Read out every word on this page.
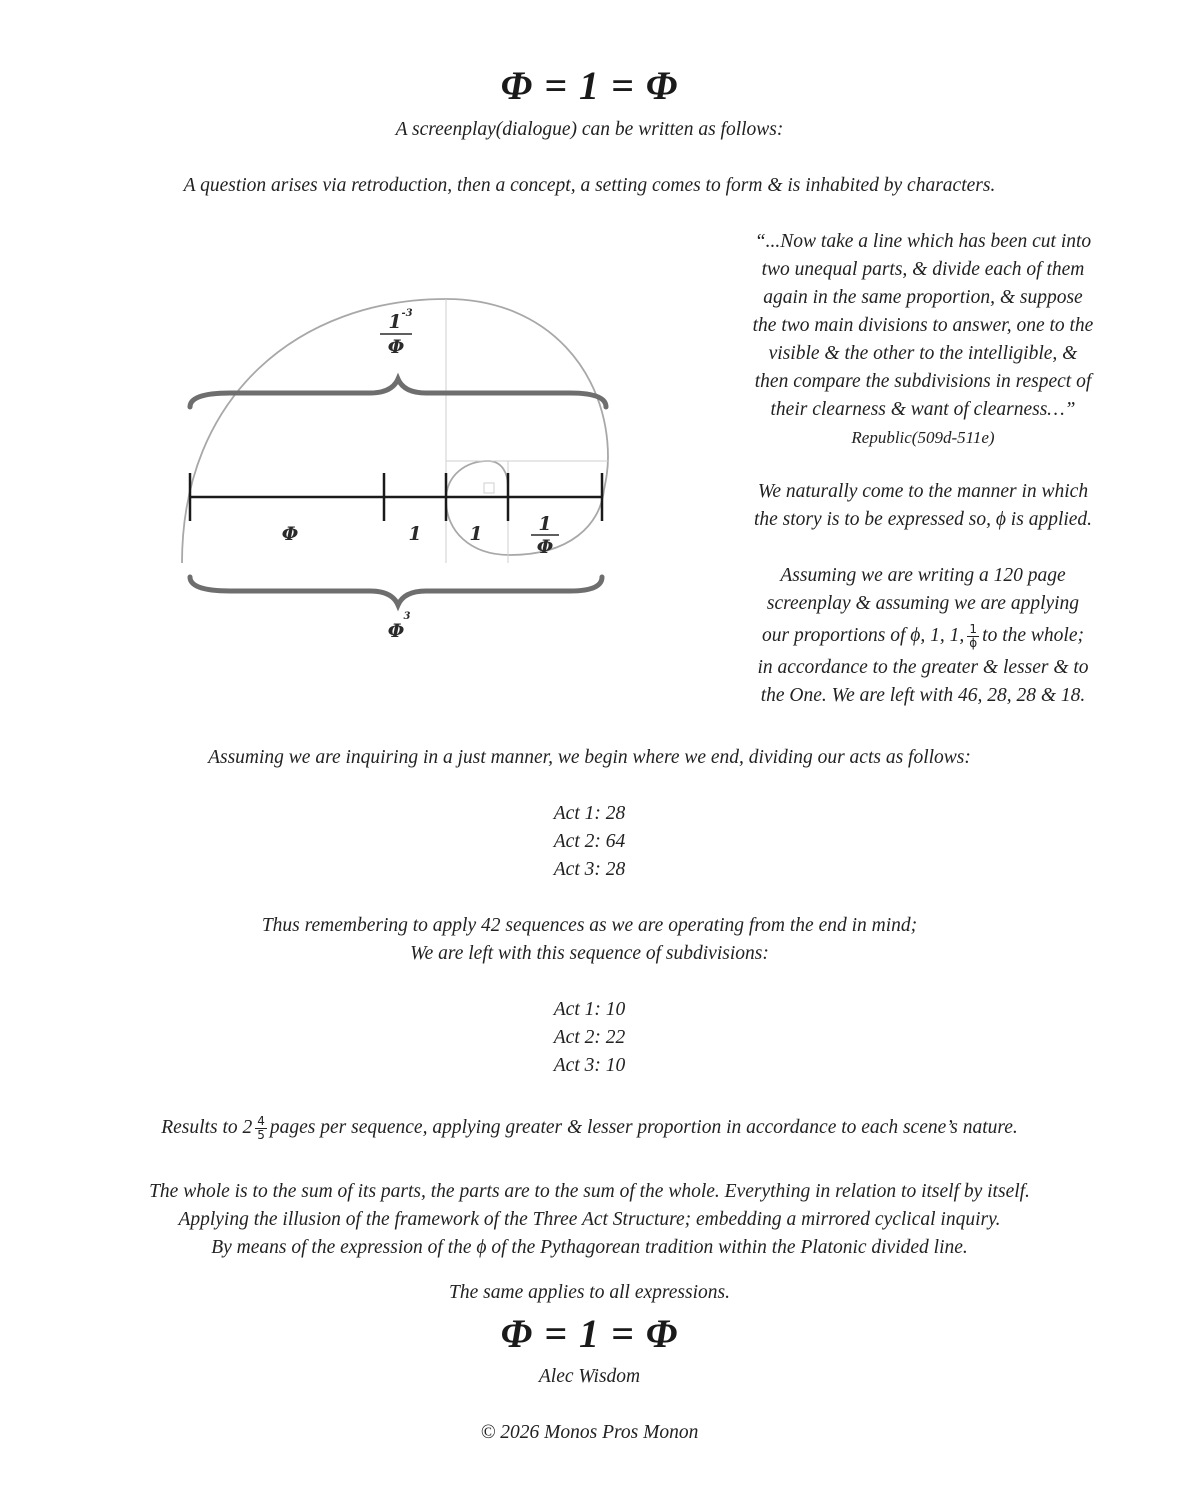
Φ = 1 = Φ
A screenplay(dialogue) can be written as follows:
A question arises via retroduction, then a concept, a setting comes to form & is inhabited by characters.
Φ	1	1	1
Φ
1 -3
Φ
Φ
3
“...Now take a line which has been cut into
two unequal parts, & divide each of them
again in the same proportion, & suppose
the two main divisions to answer, one to the
visible & the other to the intelligible, &
then compare the subdivisions in respect of
their clearness & want of clearness…”
Republic(509d-511e)
We naturally come to the manner in which
the story is to be expressed so, ϕ is applied.
Assuming we are writing a 120 page
screenplay & assuming we are applying
our proportions of ϕ, 1, 1, $\frac{1}{\phi}$ to the whole;
in accordance to the greater & lesser & to
the One. We are left with 46, 28, 28 & 18.
Assuming we are inquiring in a just manner, we begin where we end, dividing our acts as follows:
Act 1: 28
Act 2: 64
Act 3: 28
Thus remembering to apply 42 sequences as we are operating from the end in mind;
We are left with this sequence of subdivisions:
Act 1: 10
Act 2: 22
Act 3: 10
Results to $2 \frac{4}{5}$ pages per sequence, applying greater & lesser proportion in accordance to each scene’s nature.
The whole is to the sum of its parts, the parts are to the sum of the whole. Everything in relation to itself by itself.
Applying the illusion of the framework of the Three Act Structure; embedding a mirrored cyclical inquiry.
By means of the expression of the ϕ of the Pythagorean tradition within the Platonic divided line.
The same applies to all expressions.
Φ = 1 = Φ
Alec Wisdom
© 2026 Monos Pros Monon
